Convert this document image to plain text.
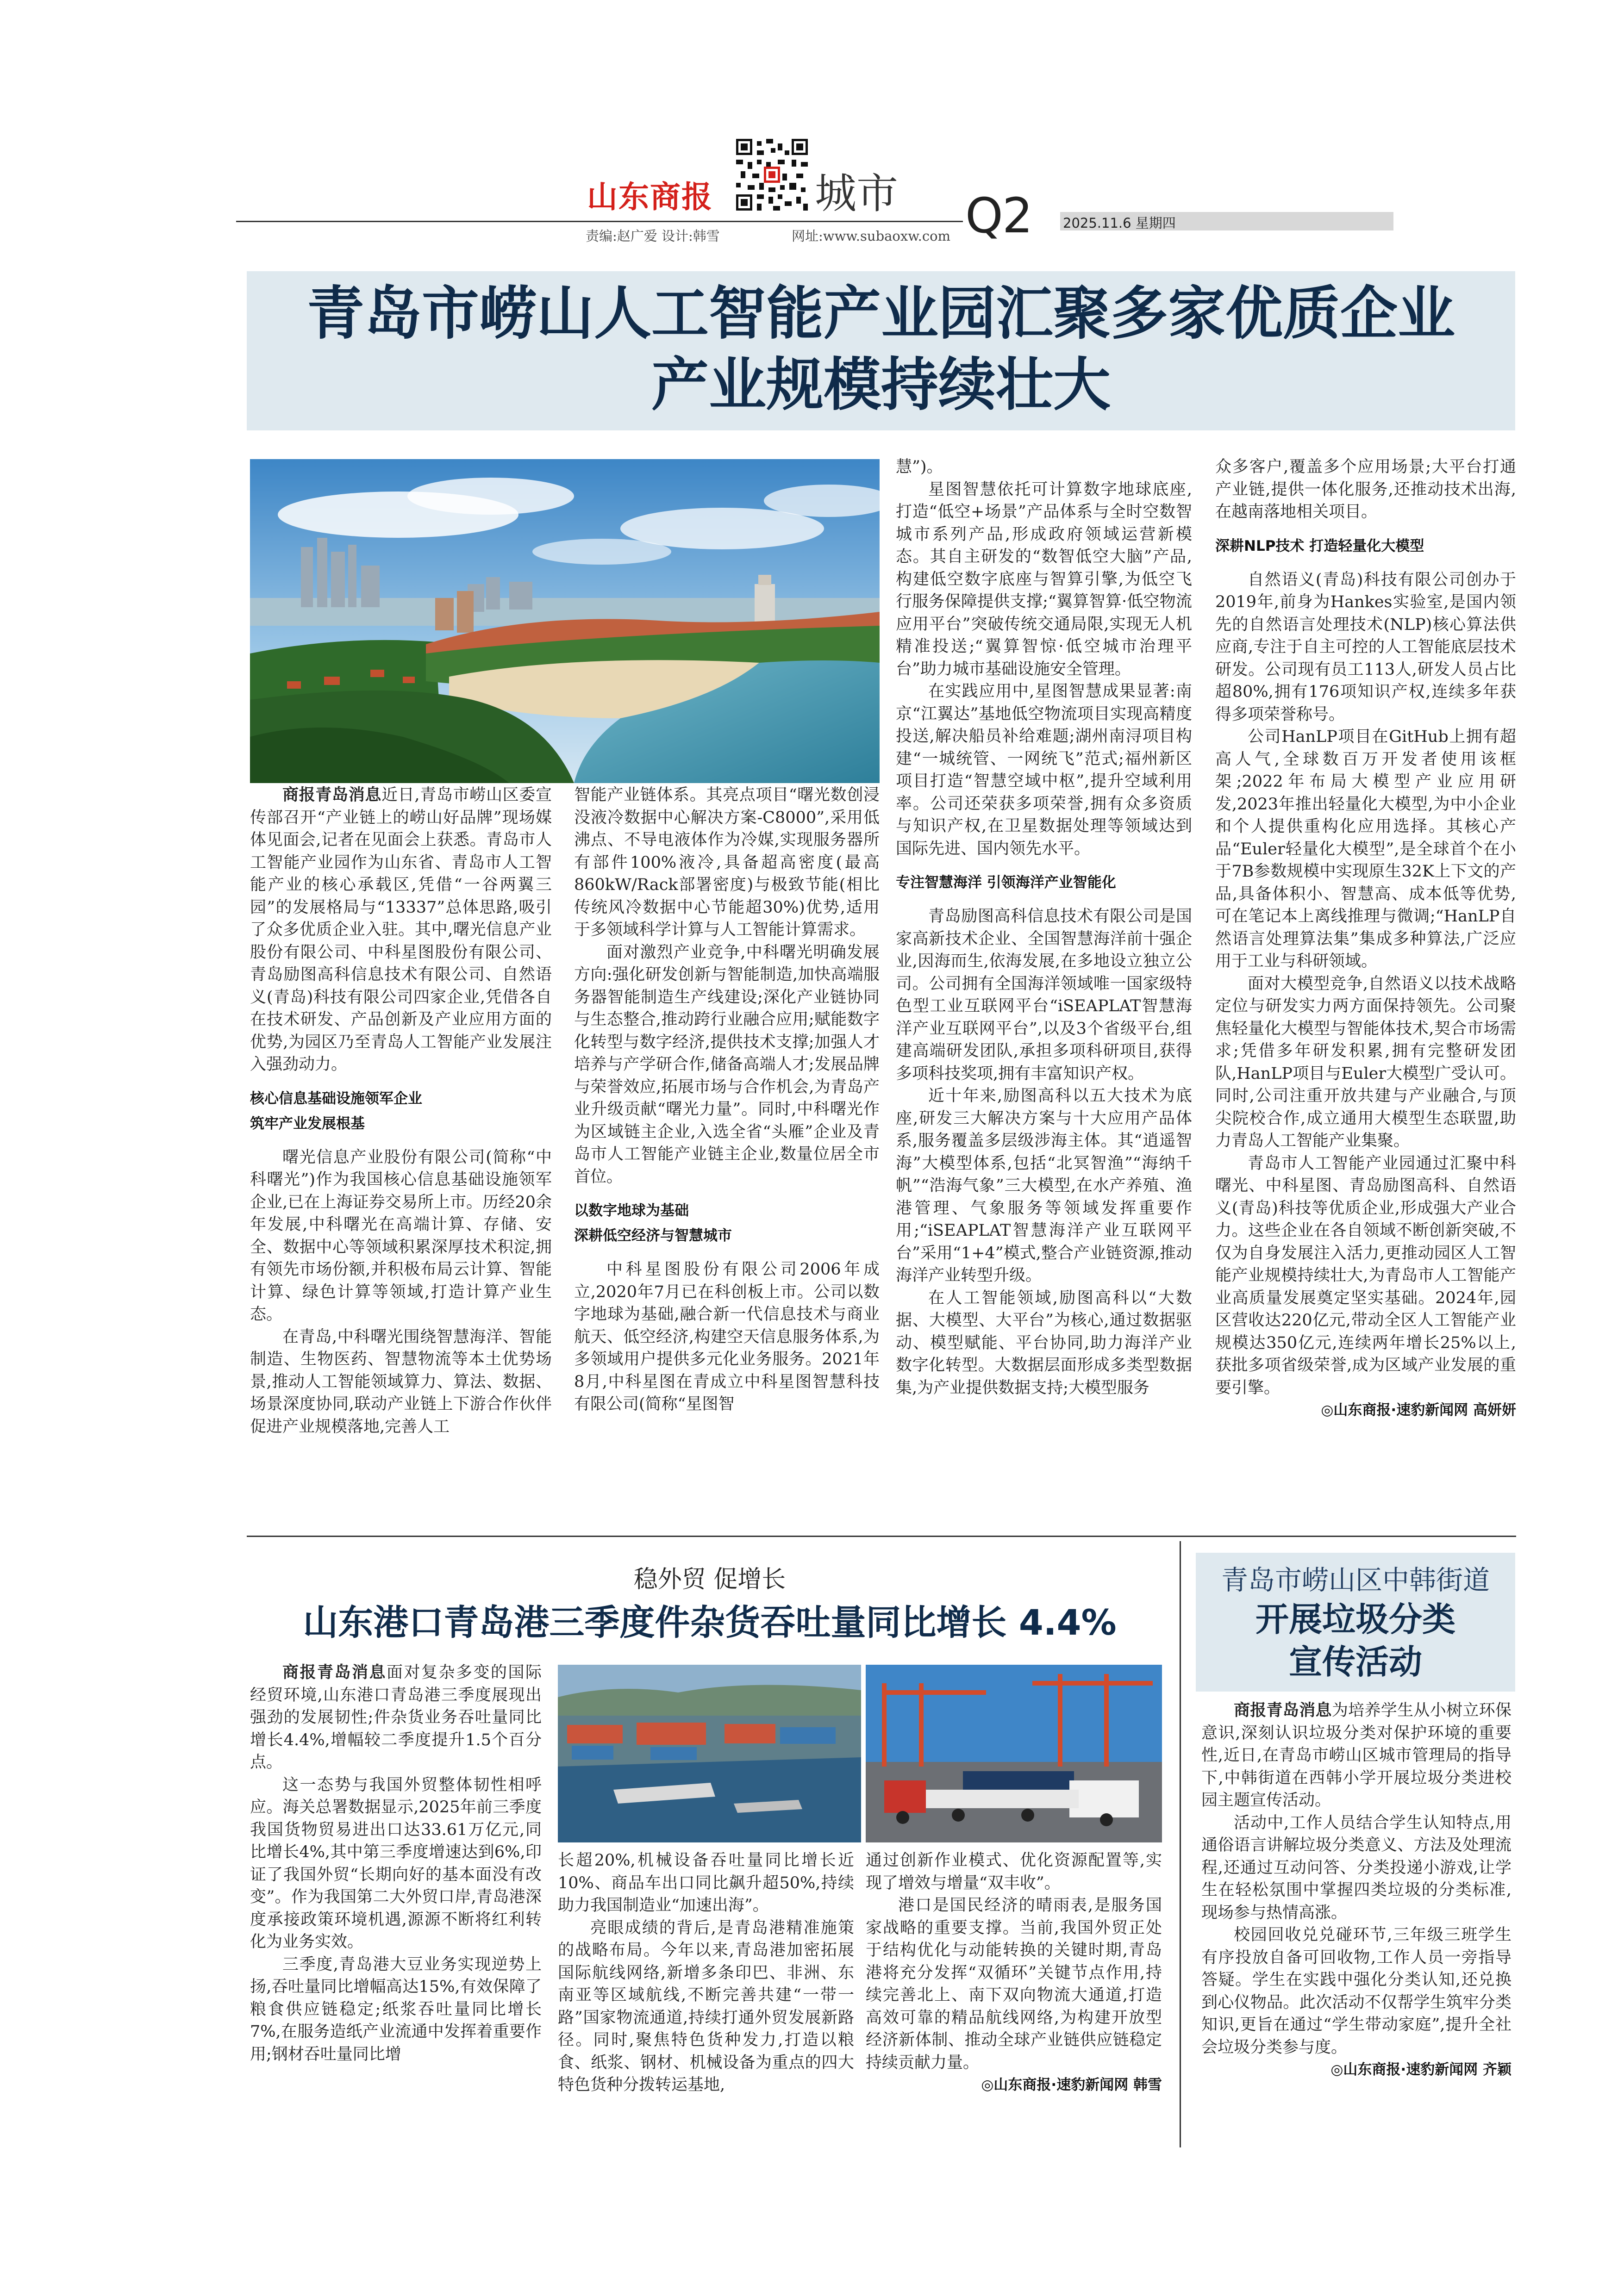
山东商报 城市
责编:赵广爱 设计:韩雪	网址:www.subaoxw.com Q2 2025.11.6 星期四
青岛市崂山人工智能产业园汇聚多家优质企业
产业规模持续壮大

商报青岛消息近日,青岛市崂山区委宣传部召开“产业链上的崂山好品牌”现场媒体见面会,记者在见面会上获悉。青岛市人工智能产业园作为山东省、青岛市人工智能产业的核心承载区,凭借“一谷两翼三园”的发展格局与“13337”总体思路,吸引了众多优质企业入驻。其中,曙光信息产业股份有限公司、中科星图股份有限公司、青岛励图高科信息技术有限公司、自然语义(青岛)科技有限公司四家企业,凭借各自在技术研发、产品创新及产业应用方面的优势,为园区乃至青岛人工智能产业发展注入强劲动力。

核心信息基础设施领军企业
筑牢产业发展根基

曙光信息产业股份有限公司(简称“中科曙光”)作为我国核心信息基础设施领军企业,已在上海证券交易所上市。历经20余年发展,中科曙光在高端计算、存储、安全、数据中心等领域积累深厚技术积淀,拥有领先市场份额,并积极布局云计算、智能计算、绿色计算等领域,打造计算产业生态。

在青岛,中科曙光围绕智慧海洋、智能制造、生物医药、智慧物流等本土优势场景,推动人工智能领域算力、算法、数据、场景深度协同,联动产业链上下游合作伙伴促进产业规模落地,完善人工

智能产业链体系。其亮点项目“曙光数创浸没液冷数据中心解决方案-C8000”,采用低沸点、不导电液体作为冷媒,实现服务器所有部件100%液冷,具备超高密度(最高860kW/Rack部署密度)与极致节能(相比传统风冷数据中心节能超30%)优势,适用于多领域科学计算与人工智能计算需求。

面对激烈产业竞争,中科曙光明确发展方向:强化研发创新与智能制造,加快高端服务器智能制造生产线建设;深化产业链协同与生态整合,推动跨行业融合应用;赋能数字化转型与数字经济,提供技术支撑;加强人才培养与产学研合作,储备高端人才;发展品牌与荣誉效应,拓展市场与合作机会,为青岛产业升级贡献“曙光力量”。同时,中科曙光作为区域链主企业,入选全省“头雁”企业及青岛市人工智能产业链主企业,数量位居全市首位。

以数字地球为基础
深耕低空经济与智慧城市

中科星图股份有限公司2006年成立,2020年7月已在科创板上市。公司以数字地球为基础,融合新一代信息技术与商业航天、低空经济,构建空天信息服务体系,为多领域用户提供多元化业务服务。2021年8月,中科星图在青成立中科星图智慧科技有限公司(简称“星图智

慧”)。

星图智慧依托可计算数字地球底座,打造“低空+场景”产品体系与全时空数智城市系列产品,形成政府领域运营新模态。其自主研发的“数智低空大脑”产品,构建低空数字底座与智算引擎,为低空飞行服务保障提供支撑;“翼算智算·低空物流应用平台”突破传统交通局限,实现无人机精准投送;“翼算智惊·低空城市治理平台”助力城市基础设施安全管理。

在实践应用中,星图智慧成果显著:南京“江翼达”基地低空物流项目实现高精度投送,解决船员补给难题;湖州南浔项目构建“一城统管、一网统飞”范式;福州新区项目打造“智慧空域中枢”,提升空域利用率。公司还荣获多项荣誉,拥有众多资质与知识产权,在卫星数据处理等领域达到国际先进、国内领先水平。

专注智慧海洋 引领海洋产业智能化

青岛励图高科信息技术有限公司是国家高新技术企业、全国智慧海洋前十强企业,因海而生,依海发展,在多地设立独立公司。公司拥有全国海洋领域唯一国家级特色型工业互联网平台“iSEAPLAT智慧海洋产业互联网平台”,以及3个省级平台,组建高端研发团队,承担多项科研项目,获得多项科技奖项,拥有丰富知识产权。

近十年来,励图高科以五大技术为底座,研发三大解决方案与十大应用产品体系,服务覆盖多层级涉海主体。其“逍遥智海”大模型体系,包括“北冥智渔”“海纳千帆”“浩海气象”三大模型,在水产养殖、渔港管理、气象服务等领域发挥重要作用;“iSEAPLAT智慧海洋产业互联网平台”采用“1+4”模式,整合产业链资源,推动海洋产业转型升级。

在人工智能领域,励图高科以“大数据、大模型、大平台”为核心,通过数据驱动、模型赋能、平台协同,助力海洋产业数字化转型。大数据层面形成多类型数据集,为产业提供数据支持;大模型服务

众多客户,覆盖多个应用场景;大平台打通产业链,提供一体化服务,还推动技术出海,在越南落地相关项目。

深耕NLP技术 打造轻量化大模型

自然语义(青岛)科技有限公司创办于2019年,前身为Hankes实验室,是国内领先的自然语言处理技术(NLP)核心算法供应商,专注于自主可控的人工智能底层技术研发。公司现有员工113人,研发人员占比超80%,拥有176项知识产权,连续多年获得多项荣誉称号。

公司HanLP项目在GitHub上拥有超高人气,全球数百万开发者使用该框架;2022年布局大模型产业应用研发,2023年推出轻量化大模型,为中小企业和个人提供重构化应用选择。其核心产品“Euler轻量化大模型”,是全球首个在小于7B参数规模中实现原生32K上下文的产品,具备体积小、智慧高、成本低等优势,可在笔记本上离线推理与微调;“HanLP自然语言处理算法集”集成多种算法,广泛应用于工业与科研领域。

面对大模型竞争,自然语义以技术战略定位与研发实力两方面保持领先。公司聚焦轻量化大模型与智能体技术,契合市场需求;凭借多年研发积累,拥有完整研发团队,HanLP项目与Euler大模型广受认可。同时,公司注重开放共建与产业融合,与顶尖院校合作,成立通用大模型生态联盟,助力青岛人工智能产业集聚。

青岛市人工智能产业园通过汇聚中科曙光、中科星图、青岛励图高科、自然语义(青岛)科技等优质企业,形成强大产业合力。这些企业在各自领域不断创新突破,不仅为自身发展注入活力,更推动园区人工智能产业规模持续壮大,为青岛市人工智能产业高质量发展奠定坚实基础。2024年,园区营收达220亿元,带动全区人工智能产业规模达350亿元,连续两年增长25%以上,获批多项省级荣誉,成为区域产业发展的重要引擎。

◎山东商报·速豹新闻网 高妍妍
稳外贸 促增长
山东港口青岛港三季度件杂货吞吐量同比增长 4.4%

商报青岛消息面对复杂多变的国际经贸环境,山东港口青岛港三季度展现出强劲的发展韧性;件杂货业务吞吐量同比增长4.4%,增幅较二季度提升1.5个百分点。

这一态势与我国外贸整体韧性相呼应。海关总署数据显示,2025年前三季度我国货物贸易进出口达33.61万亿元,同比增长4%,其中第三季度增速达到6%,印证了我国外贸“长期向好的基本面没有改变”。作为我国第二大外贸口岸,青岛港深度承接政策环境机遇,源源不断将红利转化为业务实效。

三季度,青岛港大豆业务实现逆势上扬,吞吐量同比增幅高达15%,有效保障了粮食供应链稳定;纸浆吞吐量同比增长7%,在服务造纸产业流通中发挥着重要作用;钢材吞吐量同比增

长超20%,机械设备吞吐量同比增长近10%、商品车出口同比飙升超50%,持续助力我国制造业“加速出海”。

亮眼成绩的背后,是青岛港精准施策的战略布局。今年以来,青岛港加密拓展国际航线网络,新增多条印巴、非洲、东南亚等区域航线,不断完善共建“一带一路”国家物流通道,持续打通外贸发展新路径。同时,聚焦特色货种发力,打造以粮食、纸浆、钢材、机械设备为重点的四大特色货种分拨转运基地,

通过创新作业模式、优化资源配置等,实现了增效与增量“双丰收”。

港口是国民经济的晴雨表,是服务国家战略的重要支撑。当前,我国外贸正处于结构优化与动能转换的关键时期,青岛港将充分发挥“双循环”关键节点作用,持续完善北上、南下双向物流大通道,打造高效可靠的精品航线网络,为构建开放型经济新体制、推动全球产业链供应链稳定持续贡献力量。

◎山东商报·速豹新闻网 韩雪
青岛市崂山区中韩街道
开展垃圾分类
宣传活动

商报青岛消息为培养学生从小树立环保意识,深刻认识垃圾分类对保护环境的重要性,近日,在青岛市崂山区城市管理局的指导下,中韩街道在西韩小学开展垃圾分类进校园主题宣传活动。

活动中,工作人员结合学生认知特点,用通俗语言讲解垃圾分类意义、方法及处理流程,还通过互动问答、分类投递小游戏,让学生在轻松氛围中掌握四类垃圾的分类标准,现场参与热情高涨。

校园回收兑兑碰环节,三年级三班学生有序投放自备可回收物,工作人员一旁指导答疑。学生在实践中强化分类认知,还兑换到心仪物品。此次活动不仅帮学生筑牢分类知识,更旨在通过“学生带动家庭”,提升全社会垃圾分类参与度。

◎山东商报·速豹新闻网 齐颖
